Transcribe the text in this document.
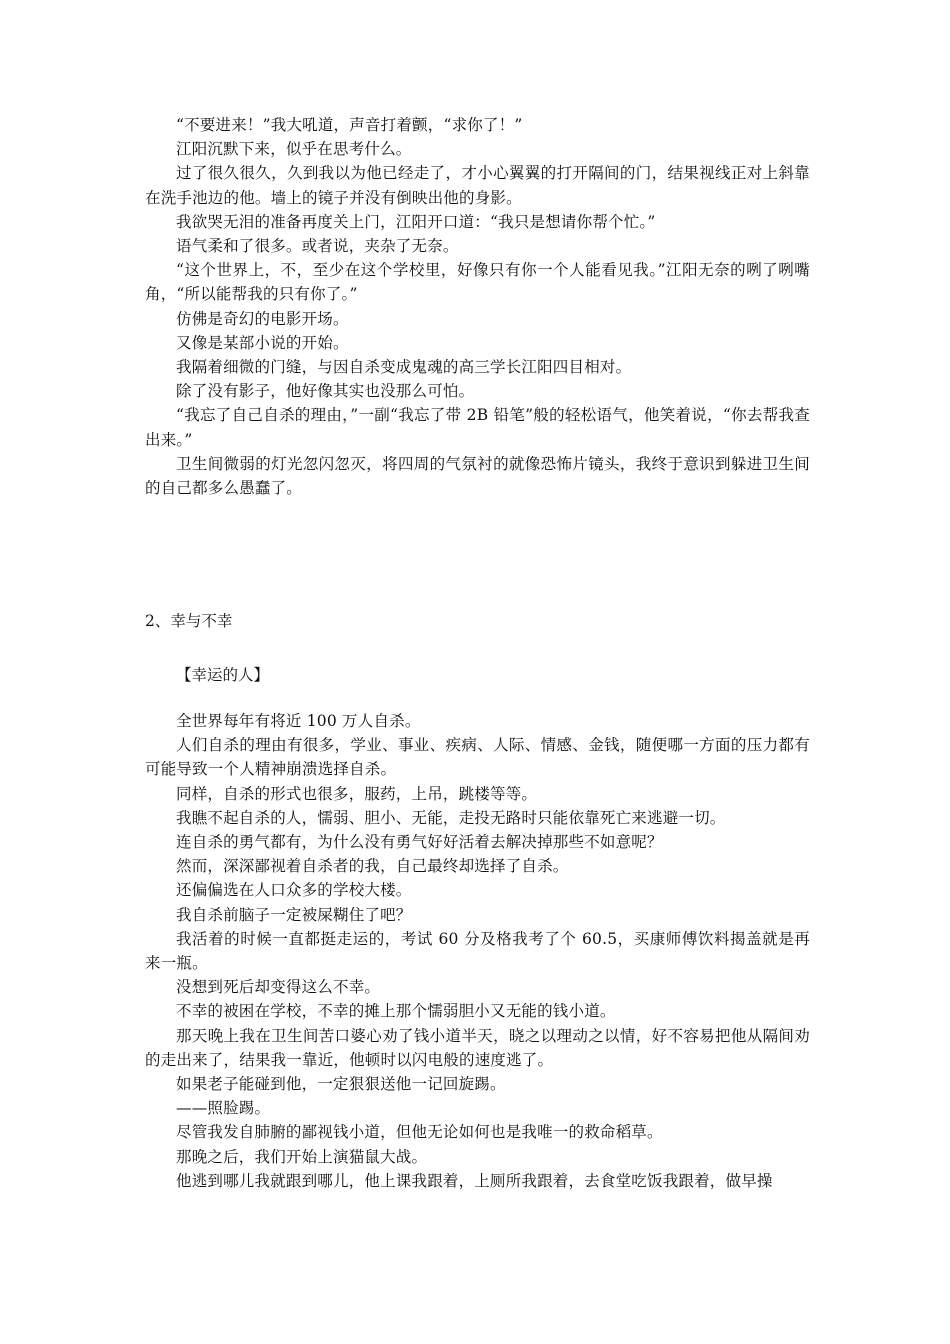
“不要进来！”我大吼道，声音打着颤，“求你了！”

江阳沉默下来，似乎在思考什么。

过了很久很久，久到我以为他已经走了，才小心翼翼的打开隔间的门，结果视线正对上斜靠在洗手池边的他。墙上的镜子并没有倒映出他的身影。

我欲哭无泪的准备再度关上门，江阳开口道：“我只是想请你帮个忙。”

语气柔和了很多。或者说，夹杂了无奈。

“这个世界上，不，至少在这个学校里，好像只有你一个人能看见我。”江阳无奈的咧了咧嘴角，“所以能帮我的只有你了。”

仿佛是奇幻的电影开场。

又像是某部小说的开始。

我隔着细微的门缝，与因自杀变成鬼魂的高三学长江阳四目相对。

除了没有影子，他好像其实也没那么可怕。

“我忘了自己自杀的理由，”一副“我忘了带 2B 铅笔”般的轻松语气，他笑着说，“你去帮我查出来。”

卫生间微弱的灯光忽闪忽灭，将四周的气氛衬的就像恐怖片镜头，我终于意识到躲进卫生间的自己都多么愚蠢了。

2、幸与不幸

【幸运的人】

全世界每年有将近 100 万人自杀。

人们自杀的理由有很多，学业、事业、疾病、人际、情感、金钱，随便哪一方面的压力都有可能导致一个人精神崩溃选择自杀。

同样，自杀的形式也很多，服药，上吊，跳楼等等。

我瞧不起自杀的人，懦弱、胆小、无能，走投无路时只能依靠死亡来逃避一切。

连自杀的勇气都有，为什么没有勇气好好活着去解决掉那些不如意呢？

然而，深深鄙视着自杀者的我，自己最终却选择了自杀。

还偏偏选在人口众多的学校大楼。

我自杀前脑子一定被屎糊住了吧？

我活着的时候一直都挺走运的，考试 60 分及格我考了个 60.5，买康师傅饮料揭盖就是再来一瓶。

没想到死后却变得这么不幸。

不幸的被困在学校，不幸的摊上那个懦弱胆小又无能的钱小道。

那天晚上我在卫生间苦口婆心劝了钱小道半天，晓之以理动之以情，好不容易把他从隔间劝的走出来了，结果我一靠近，他顿时以闪电般的速度逃了。

如果老子能碰到他，一定狠狠送他一记回旋踢。

——照脸踢。

尽管我发自肺腑的鄙视钱小道，但他无论如何也是我唯一的救命稻草。

那晚之后，我们开始上演猫鼠大战。

他逃到哪儿我就跟到哪儿，他上课我跟着，上厕所我跟着，去食堂吃饭我跟着，做早操
